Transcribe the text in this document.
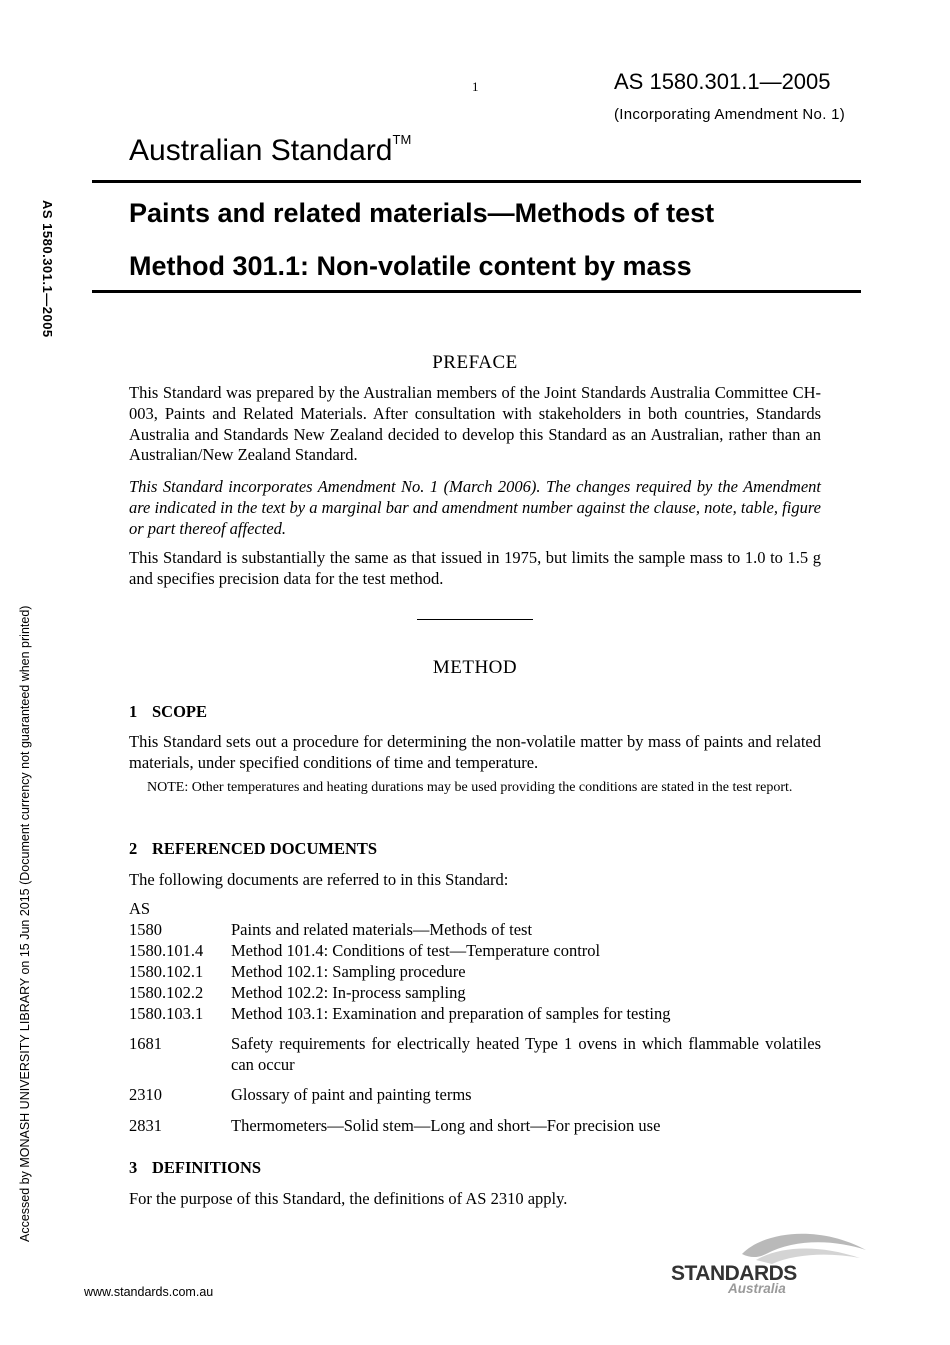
1	AS 1580.301.1—2005
(Incorporating Amendment No. 1)
Australian Standard™
Paints and related materials—Methods of test
Method 301.1: Non-volatile content by mass
AS 1580.301.1—2005
Accessed by MONASH UNIVERSITY LIBRARY on 15 Jun 2015 (Document currency not guaranteed when printed)
PREFACE
This Standard was prepared by the Australian members of the Joint Standards Australia Committee CH-003, Paints and Related Materials. After consultation with stakeholders in both countries, Standards Australia and Standards New Zealand decided to develop this Standard as an Australian, rather than an Australian/New Zealand Standard.
This Standard incorporates Amendment No. 1 (March 2006). The changes required by the Amendment are indicated in the text by a marginal bar and amendment number against the clause, note, table, figure or part thereof affected.
This Standard is substantially the same as that issued in 1975, but limits the sample mass to 1.0 to 1.5 g and specifies precision data for the test method.
METHOD
1 SCOPE
This Standard sets out a procedure for determining the non-volatile matter by mass of paints and related materials, under specified conditions of time and temperature.
NOTE: Other temperatures and heating durations may be used providing the conditions are stated in the test report.
2 REFERENCED DOCUMENTS
The following documents are referred to in this Standard:
AS
1580	Paints and related materials—Methods of test
1580.101.4 Method 101.4: Conditions of test—Temperature control
1580.102.1 Method 102.1: Sampling procedure
1580.102.2 Method 102.2: In-process sampling
1580.103.1 Method 103.1: Examination and preparation of samples for testing
1681	Safety requirements for electrically heated Type 1 ovens in which flammable volatiles can occur
2310	Glossary of paint and painting terms
2831	Thermometers—Solid stem—Long and short—For precision use
3 DEFINITIONS
For the purpose of this Standard, the definitions of AS 2310 apply.
www.standards.com.au
STANDARDS
Australia
